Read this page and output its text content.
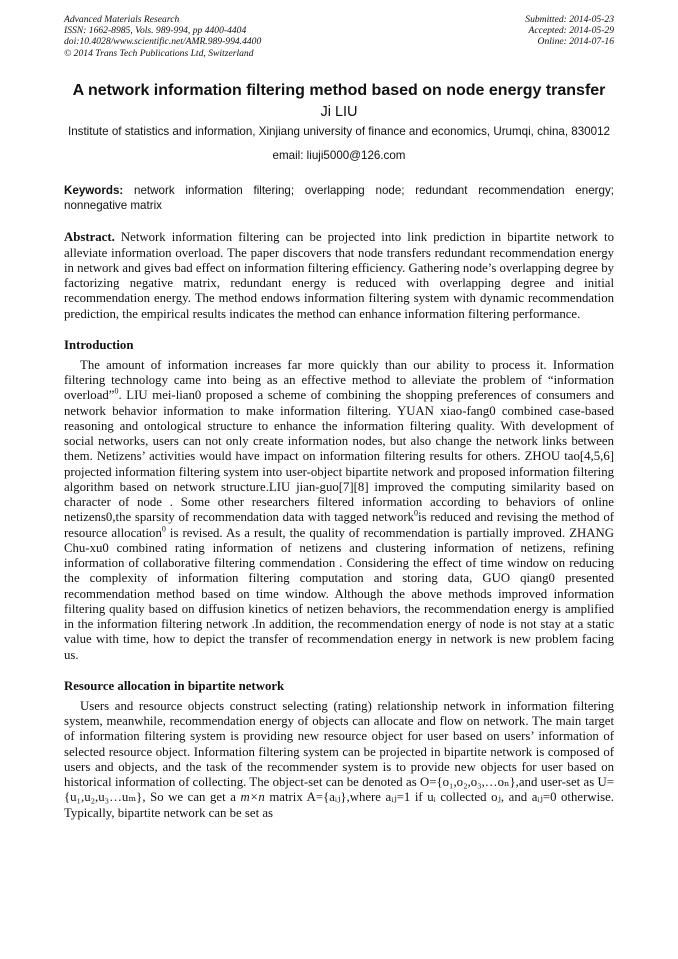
Advanced Materials Research
ISSN: 1662-8985, Vols. 989-994, pp 4400-4404
doi:10.4028/www.scientific.net/AMR.989-994.4400
© 2014 Trans Tech Publications Ltd, Switzerland
Submitted: 2014-05-23
Accepted: 2014-05-29
Online: 2014-07-16
A network information filtering method based on node energy transfer
Ji LIU
Institute of statistics and information, Xinjiang university of finance and economics, Urumqi, china, 830012
email: liuji5000@126.com
Keywords: network information filtering; overlapping node; redundant recommendation energy; nonnegative matrix
Abstract. Network information filtering can be projected into link prediction in bipartite network to alleviate information overload. The paper discovers that node transfers redundant recommendation energy in network and gives bad effect on information filtering efficiency. Gathering node’s overlapping degree by factorizing negative matrix, redundant energy is reduced with overlapping degree and initial recommendation energy. The method endows information filtering system with dynamic recommendation prediction, the empirical results indicates the method can enhance information filtering performance.
Introduction

The amount of information increases far more quickly than our ability to process it. Information filtering technology came into being as an effective method to alleviate the problem of “information overload”$^0$. LIU mei-lian0 proposed a scheme of combining the shopping preferences of consumers and network behavior information to make information filtering. YUAN xiao-fang0 combined case-based reasoning and ontological structure to enhance the information filtering quality. With development of social networks, users can not only create information nodes, but also change the network links between them. Netizens’ activities would have impact on information filtering results for others. ZHOU tao[4,5,6] projected information filtering system into user-object bipartite network and proposed information filtering algorithm based on network structure.LIU jian-guo[7][8] improved the computing similarity based on character of node . Some other researchers filtered information according to behaviors of online netizens0,the sparsity of recommendation data with tagged network$^0$is reduced and revising the method of resource allocation$^0$ is revised. As a result, the quality of recommendation is partially improved. ZHANG Chu-xu0 combined rating information of netizens and clustering information of netizens, refining information of collaborative filtering commendation . Considering the effect of time window on reducing the complexity of information filtering computation and storing data, GUO qiang0 presented recommendation method based on time window. Although the above methods improved information filtering quality based on diffusion kinetics of netizen behaviors, the recommendation energy is amplified in the information filtering network .In addition, the recommendation energy of node is not stay at a static value with time, how to depict the transfer of recommendation energy in network is new problem facing us.

Resource allocation in bipartite network

Users and resource objects construct selecting (rating) relationship network in information filtering system, meanwhile, recommendation energy of objects can allocate and flow on network. The main target of information filtering system is providing new resource object for user based on users’ information of selected resource object. Information filtering system can be projected in bipartite network is composed of users and objects, and the task of the recommender system is to provide new objects for user based on historical information of collecting. The object-set can be denoted as O={o₁,o₂,o₃,…oₙ},and user-set as U={u₁,u₂,u₃…uₘ}, So we can get a m×n matrix A={aᵢⱼ},where aᵢⱼ=1 if uᵢ collected oⱼ, and aᵢⱼ=0 otherwise. Typically, bipartite network can be set as
